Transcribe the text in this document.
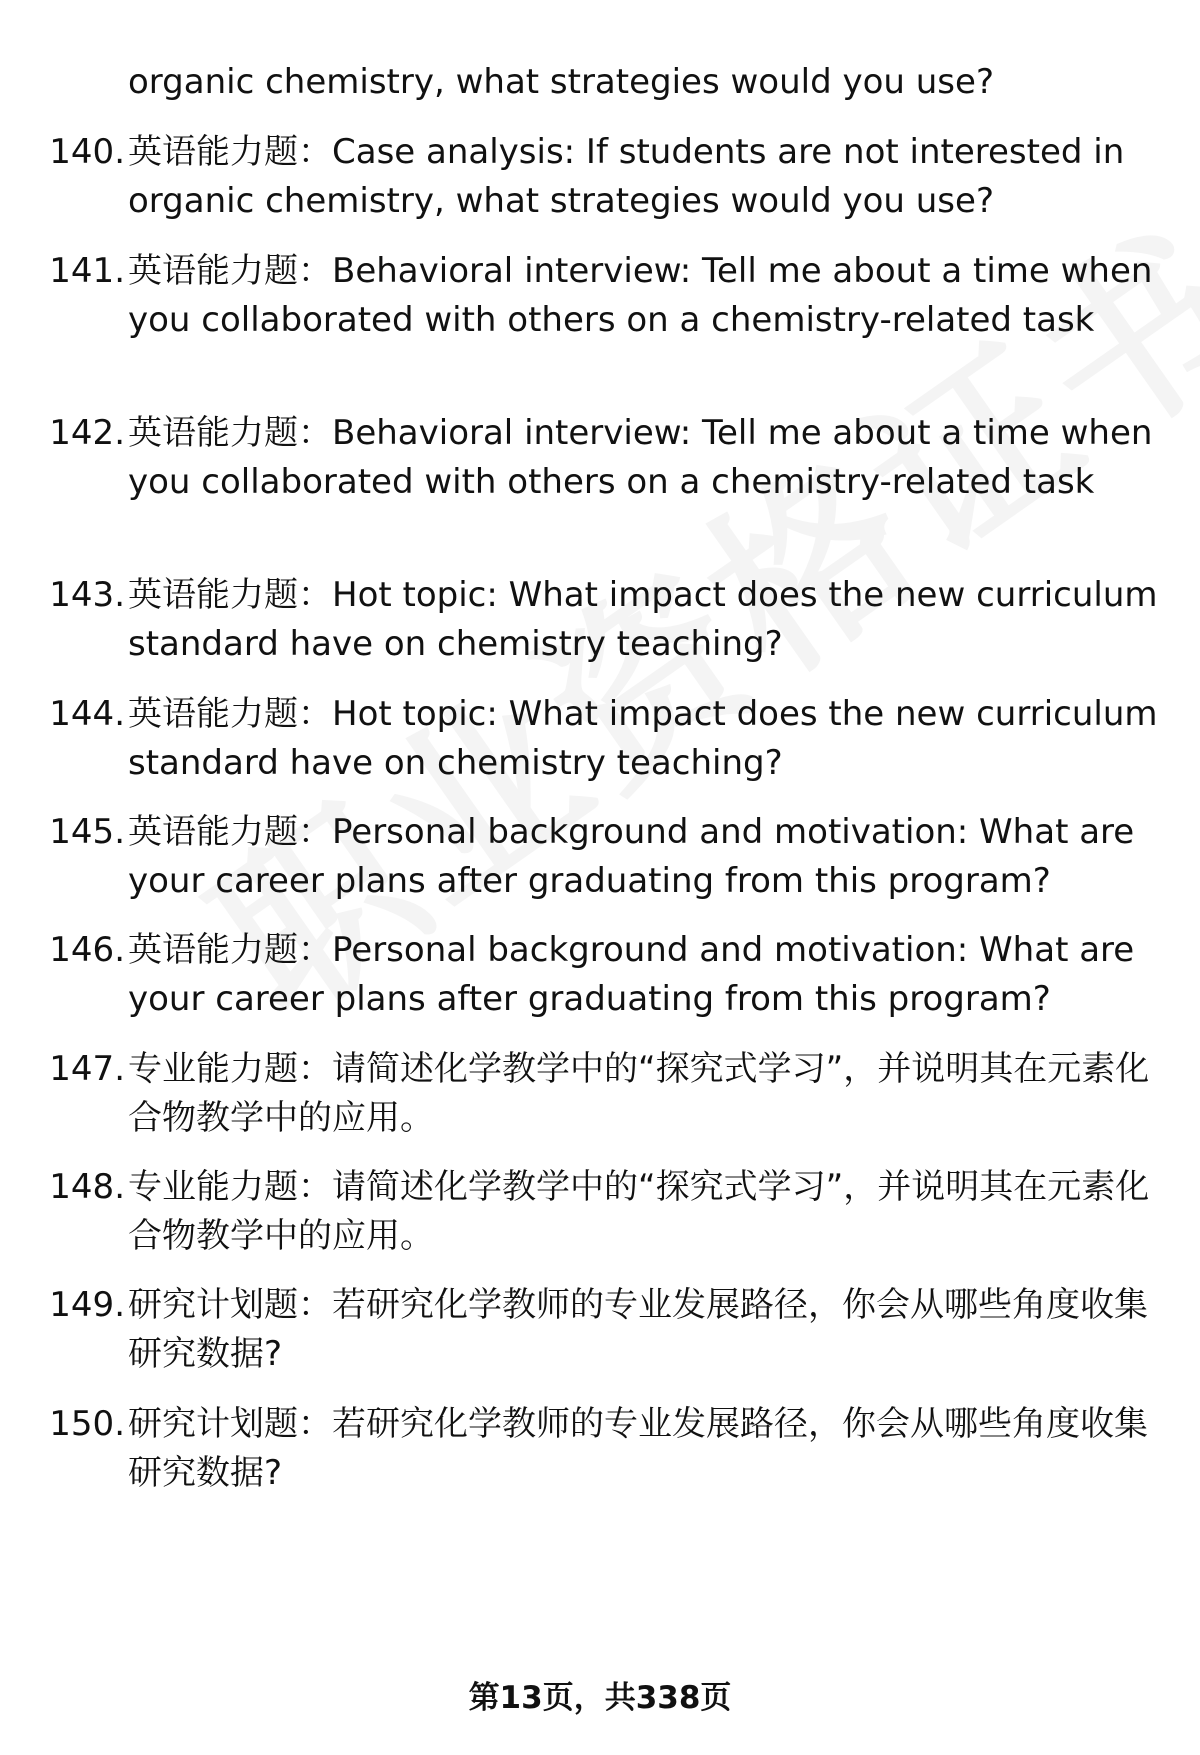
organic chemistry, what strategies would you use?
140. 英语能力题：Case analysis: If students are not interested in organic chemistry, what strategies would you use?
141. 英语能力题：Behavioral interview: Tell me about a time when you collaborated with others on a chemistry-related task
142. 英语能力题：Behavioral interview: Tell me about a time when you collaborated with others on a chemistry-related task
143. 英语能力题：Hot topic: What impact does the new curriculum standard have on chemistry teaching?
144. 英语能力题：Hot topic: What impact does the new curriculum standard have on chemistry teaching?
145. 英语能力题：Personal background and motivation: What are your career plans after graduating from this program?
146. 英语能力题：Personal background and motivation: What are your career plans after graduating from this program?
147. 专业能力题：请简述化学教学中的“探究式学习”，并说明其在元素化合物教学中的应用。
148. 专业能力题：请简述化学教学中的“探究式学习”，并说明其在元素化合物教学中的应用。
149. 研究计划题：若研究化学教师的专业发展路径，你会从哪些角度收集研究数据?
150. 研究计划题：若研究化学教师的专业发展路径，你会从哪些角度收集研究数据?
第13页，共338页
